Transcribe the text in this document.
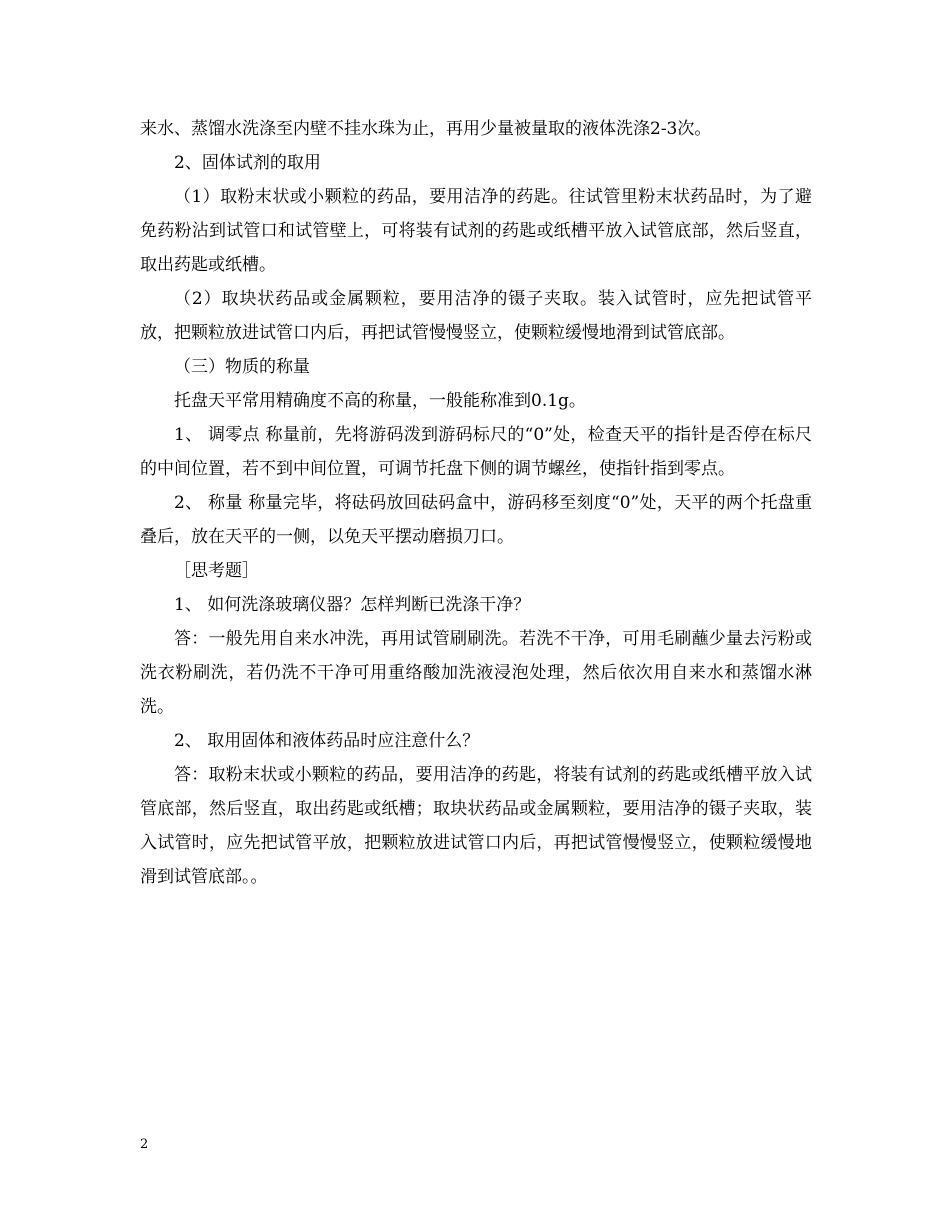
来水、蒸馏水洗涤至内壁不挂水珠为止，再用少量被量取的液体洗涤2-3次。

2、固体试剂的取用

（1）取粉末状或小颗粒的药品，要用洁净的药匙。往试管里粉末状药品时，为了避免药粉沾到试管口和试管壁上，可将装有试剂的药匙或纸槽平放入试管底部，然后竖直，取出药匙或纸槽。

（2）取块状药品或金属颗粒，要用洁净的镊子夹取。装入试管时，应先把试管平放，把颗粒放进试管口内后，再把试管慢慢竖立，使颗粒缓慢地滑到试管底部。

（三）物质的称量

托盘天平常用精确度不高的称量，一般能称准到0.1g。

1、 调零点 称量前，先将游码泼到游码标尺的“0”处，检查天平的指针是否停在标尺的中间位置，若不到中间位置，可调节托盘下侧的调节螺丝，使指针指到零点。

2、 称量 称量完毕，将砝码放回砝码盒中，游码移至刻度“0”处，天平的两个托盘重叠后，放在天平的一侧，以免天平摆动磨损刀口。

［思考题］

1、 如何洗涤玻璃仪器？怎样判断已洗涤干净？

答：一般先用自来水冲洗，再用试管刷刷洗。若洗不干净，可用毛刷蘸少量去污粉或洗衣粉刷洗，若仍洗不干净可用重络酸加洗液浸泡处理，然后依次用自来水和蒸馏水淋洗。

2、 取用固体和液体药品时应注意什么？

答：取粉末状或小颗粒的药品，要用洁净的药匙，将装有试剂的药匙或纸槽平放入试管底部，然后竖直，取出药匙或纸槽；取块状药品或金属颗粒，要用洁净的镊子夹取，装入试管时，应先把试管平放，把颗粒放进试管口内后，再把试管慢慢竖立，使颗粒缓慢地滑到试管底部。。

2
